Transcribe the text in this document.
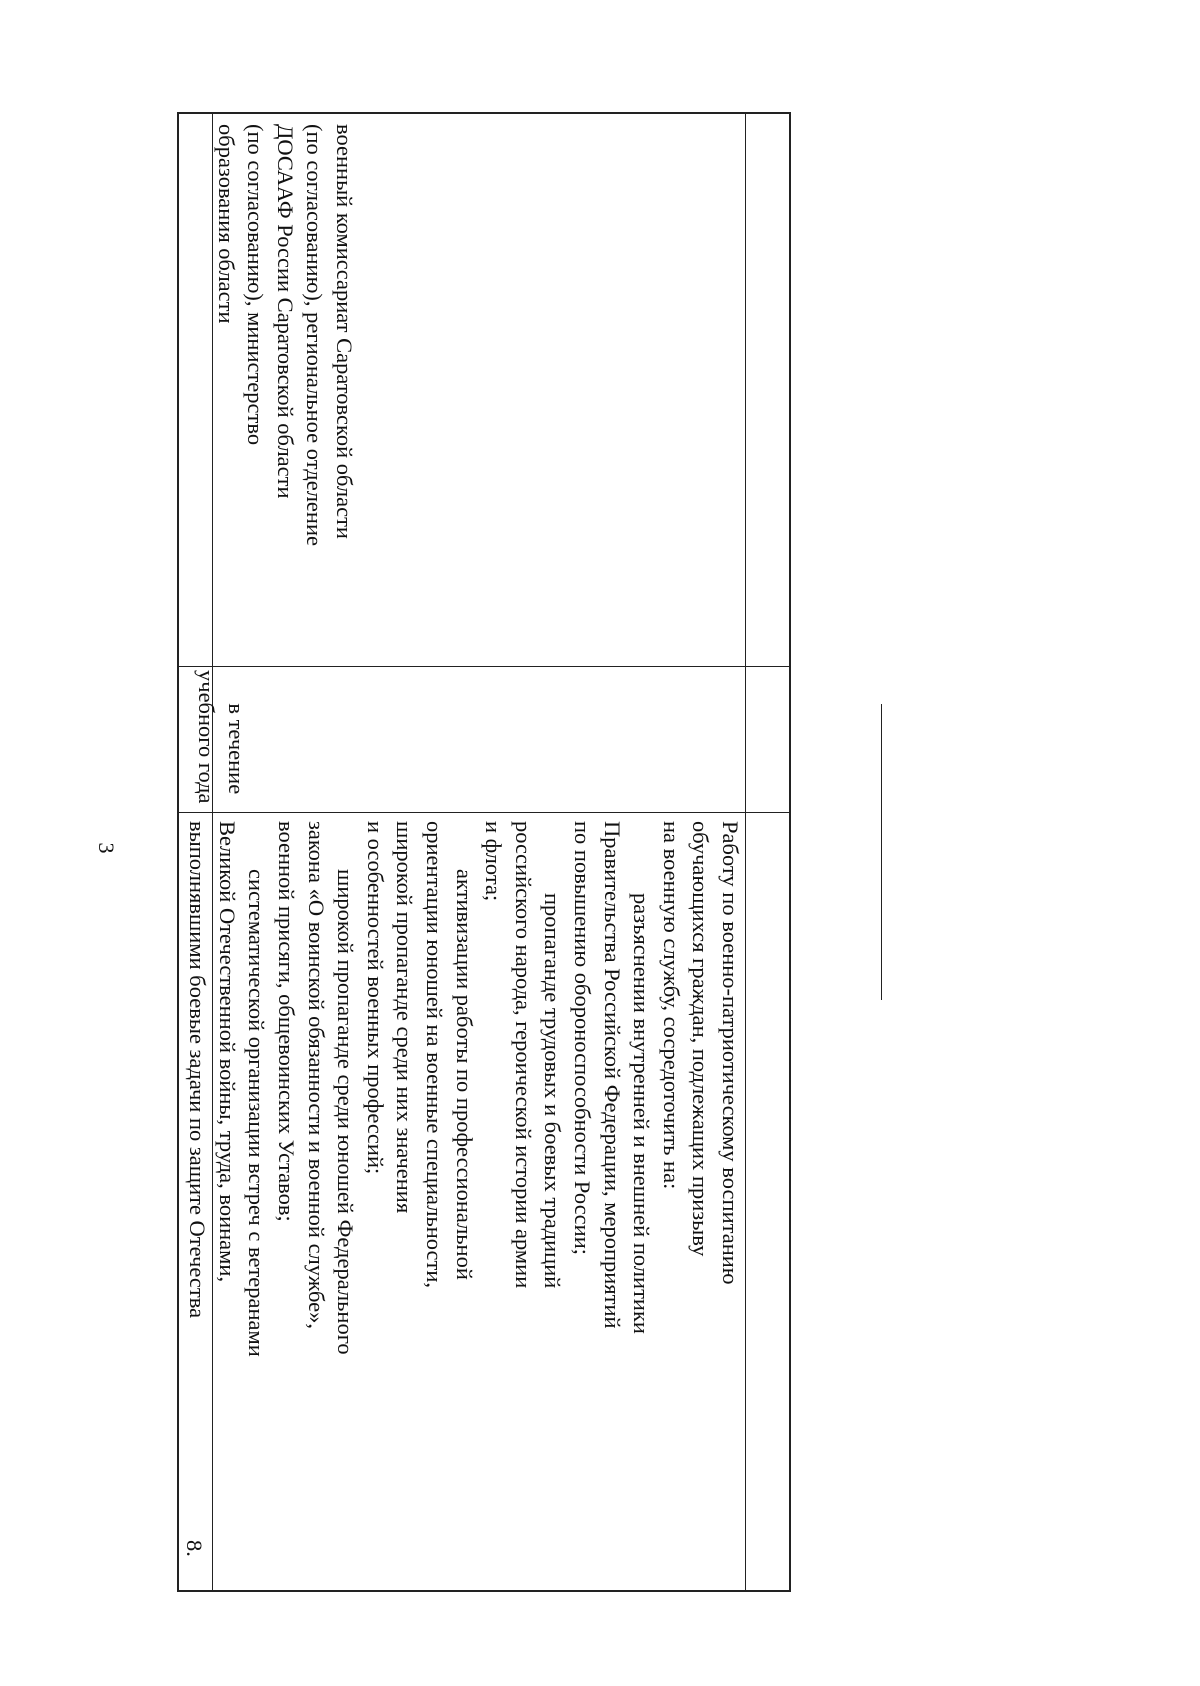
3
8.
Работу по военно-патриотическому воспитанию
обучающихся граждан, подлежащих призыву
на военную службу, сосредоточить на:
разъяснении внутренней и внешней политики
Правительства Российской Федерации, мероприятий
по повышению обороноспособности России;
пропаганде трудовых и боевых традиций
российского народа, героической истории армии
и флота;
активизации работы по профессиональной
ориентации юношей на военные специальности,
широкой пропаганде среди них значения
и особенностей военных профессий;
широкой пропаганде среди юношей Федерального
закона «О воинской обязанности и военной службе»,
военной присяги, общевоинских Уставов;
систематической организации встреч с ветеранами
Великой Отечественной войны, труда, воинами,
выполнявшими боевые задачи по защите Отечества
в течение
учебного года
военный комиссариат Саратовской области
(по согласованию), региональное отделение
ДОСААФ России Саратовской области
(по согласованию), министерство
образования области
